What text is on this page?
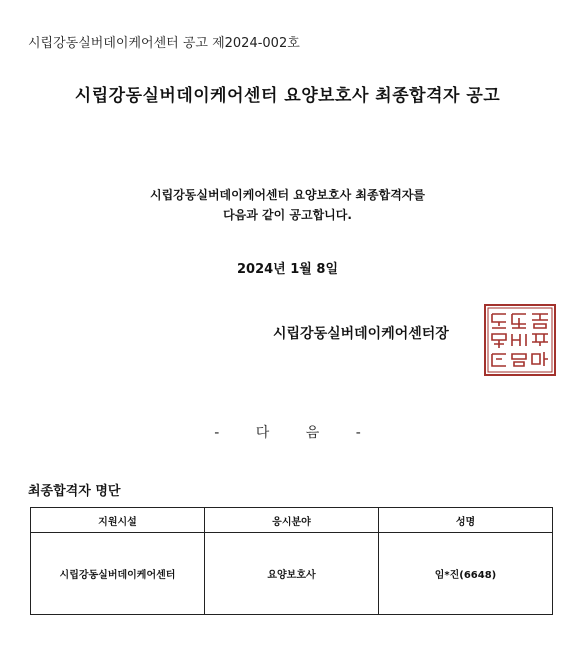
시립강동실버데이케어센터 공고 제2024-002호
시립강동실버데이케어센터 요양보호사 최종합격자 공고
시립강동실버데이케어센터 요양보호사 최종합격자를
다음과 같이 공고합니다.
2024년 1월 8일
시립강동실버데이케어센터장
-	다	음	-
최종합격자 명단
지원시설	응시분야	성명
시립강동실버데이케어센터	요양보호사	임*진(6648)
